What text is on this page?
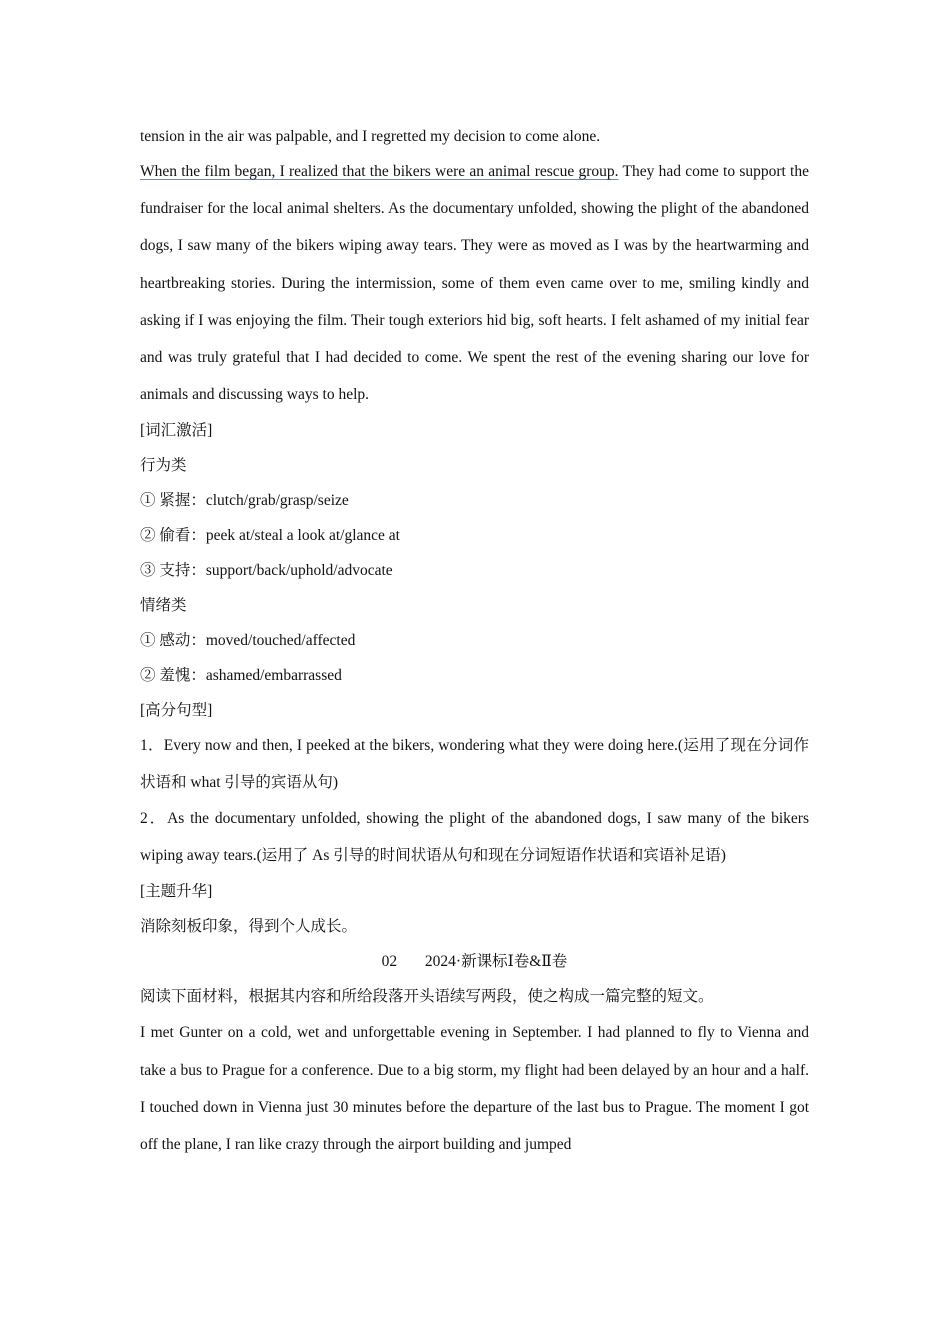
tension in the air was palpable, and I regretted my decision to come alone.

When the film began, I realized that the bikers were an animal rescue group. They had come to support the fundraiser for the local animal shelters. As the documentary unfolded, showing the plight of the abandoned dogs, I saw many of the bikers wiping away tears. They were as moved as I was by the heartwarming and heartbreaking stories. During the intermission, some of them even came over to me, smiling kindly and asking if I was enjoying the film. Their tough exteriors hid big, soft hearts. I felt ashamed of my initial fear and was truly grateful that I had decided to come. We spent the rest of the evening sharing our love for animals and discussing ways to help.

[词汇激活]
行为类
① 紧握：clutch/grab/grasp/seize
② 偷看：peek at/steal a look at/glance at
③ 支持：support/back/uphold/advocate
情绪类
① 感动：moved/touched/affected
② 羞愧：ashamed/embarrassed
[高分句型]

1．Every now and then, I peeked at the bikers, wondering what they were doing here.(运用了现在分词作状语和 what 引导的宾语从句)

2．As the documentary unfolded, showing the plight of the abandoned dogs, I saw many of the bikers wiping away tears.(运用了 As 引导的时间状语从句和现在分词短语作状语和宾语补足语)

[主题升华]
消除刻板印象，得到个人成长。
02 2024·新课标Ⅰ卷&Ⅱ卷
阅读下面材料，根据其内容和所给段落开头语续写两段，使之构成一篇完整的短文。

I met Gunter on a cold, wet and unforgettable evening in September. I had planned to fly to Vienna and take a bus to Prague for a conference. Due to a big storm, my flight had been delayed by an hour and a half. I touched down in Vienna just 30 minutes before the departure of the last bus to Prague. The moment I got off the plane, I ran like crazy through the airport building and jumped
